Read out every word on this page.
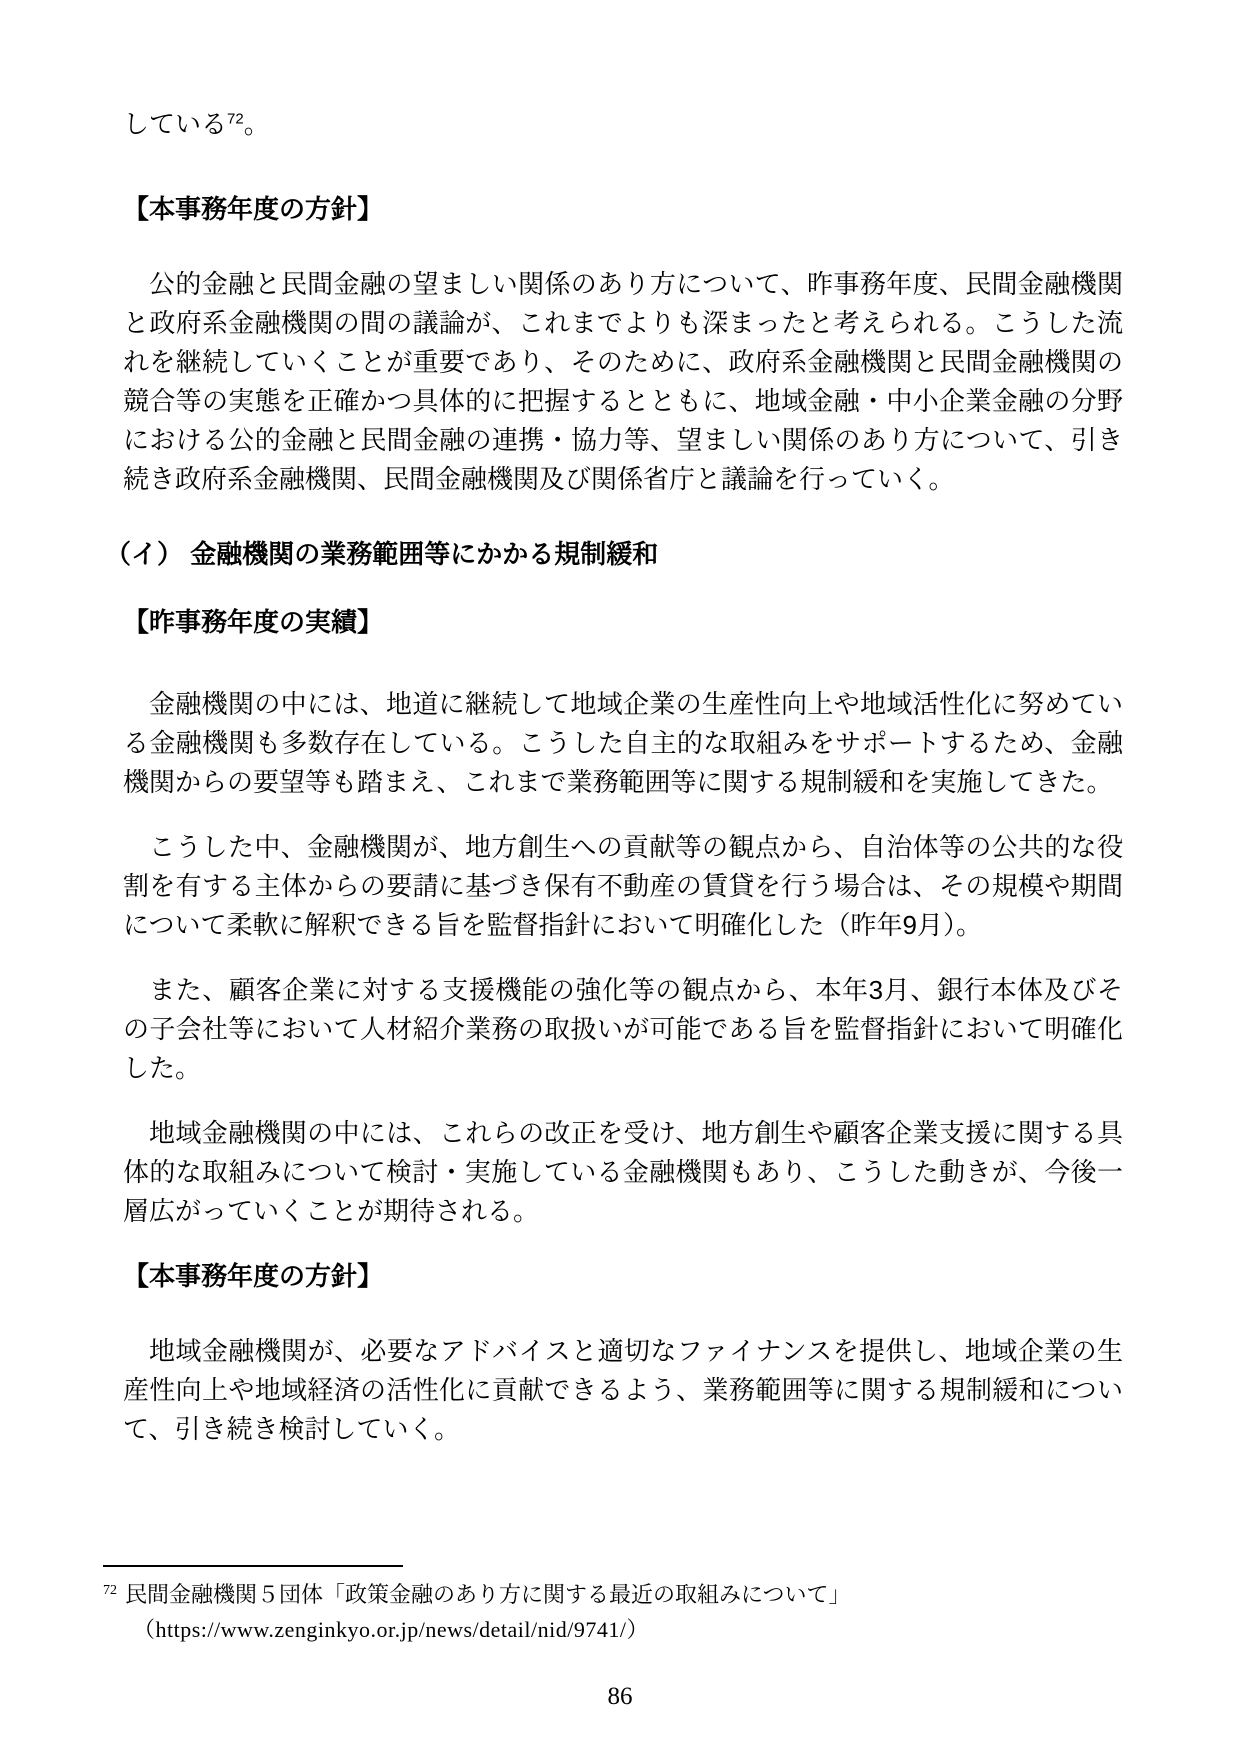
している$^{72}$。

【本事務年度の方針】

公的金融と民間金融の望ましい関係のあり方について、昨事務年度、民間金融機関と政府系金融機関の間の議論が、これまでよりも深まったと考えられる。こうした流れを継続していくことが重要であり、そのために、政府系金融機関と民間金融機関の競合等の実態を正確かつ具体的に把握するとともに、地域金融・中小企業金融の分野における公的金融と民間金融の連携・協力等、望ましい関係のあり方について、引き続き政府系金融機関、民間金融機関及び関係省庁と議論を行っていく。

（イ） 金融機関の業務範囲等にかかる規制緩和
【昨事務年度の実績】

金融機関の中には、地道に継続して地域企業の生産性向上や地域活性化に努めている金融機関も多数存在している。こうした自主的な取組みをサポートするため、金融機関からの要望等も踏まえ、これまで業務範囲等に関する規制緩和を実施してきた。

こうした中、金融機関が、地方創生への貢献等の観点から、自治体等の公共的な役割を有する主体からの要請に基づき保有不動産の賃貸を行う場合は、その規模や期間について柔軟に解釈できる旨を監督指針において明確化した（昨年9月）。

また、顧客企業に対する支援機能の強化等の観点から、本年3月、銀行本体及びその子会社等において人材紹介業務の取扱いが可能である旨を監督指針において明確化した。

地域金融機関の中には、これらの改正を受け、地方創生や顧客企業支援に関する具体的な取組みについて検討・実施している金融機関もあり、こうした動きが、今後一層広がっていくことが期待される。

【本事務年度の方針】

地域金融機関が、必要なアドバイスと適切なファイナンスを提供し、地域企業の生産性向上や地域経済の活性化に貢献できるよう、業務範囲等に関する規制緩和について、引き続き検討していく。

$^{72}$ 民間金融機関５団体「政策金融のあり方に関する最近の取組みについて」
（https://www.zenginkyo.or.jp/news/detail/nid/9741/）
86
